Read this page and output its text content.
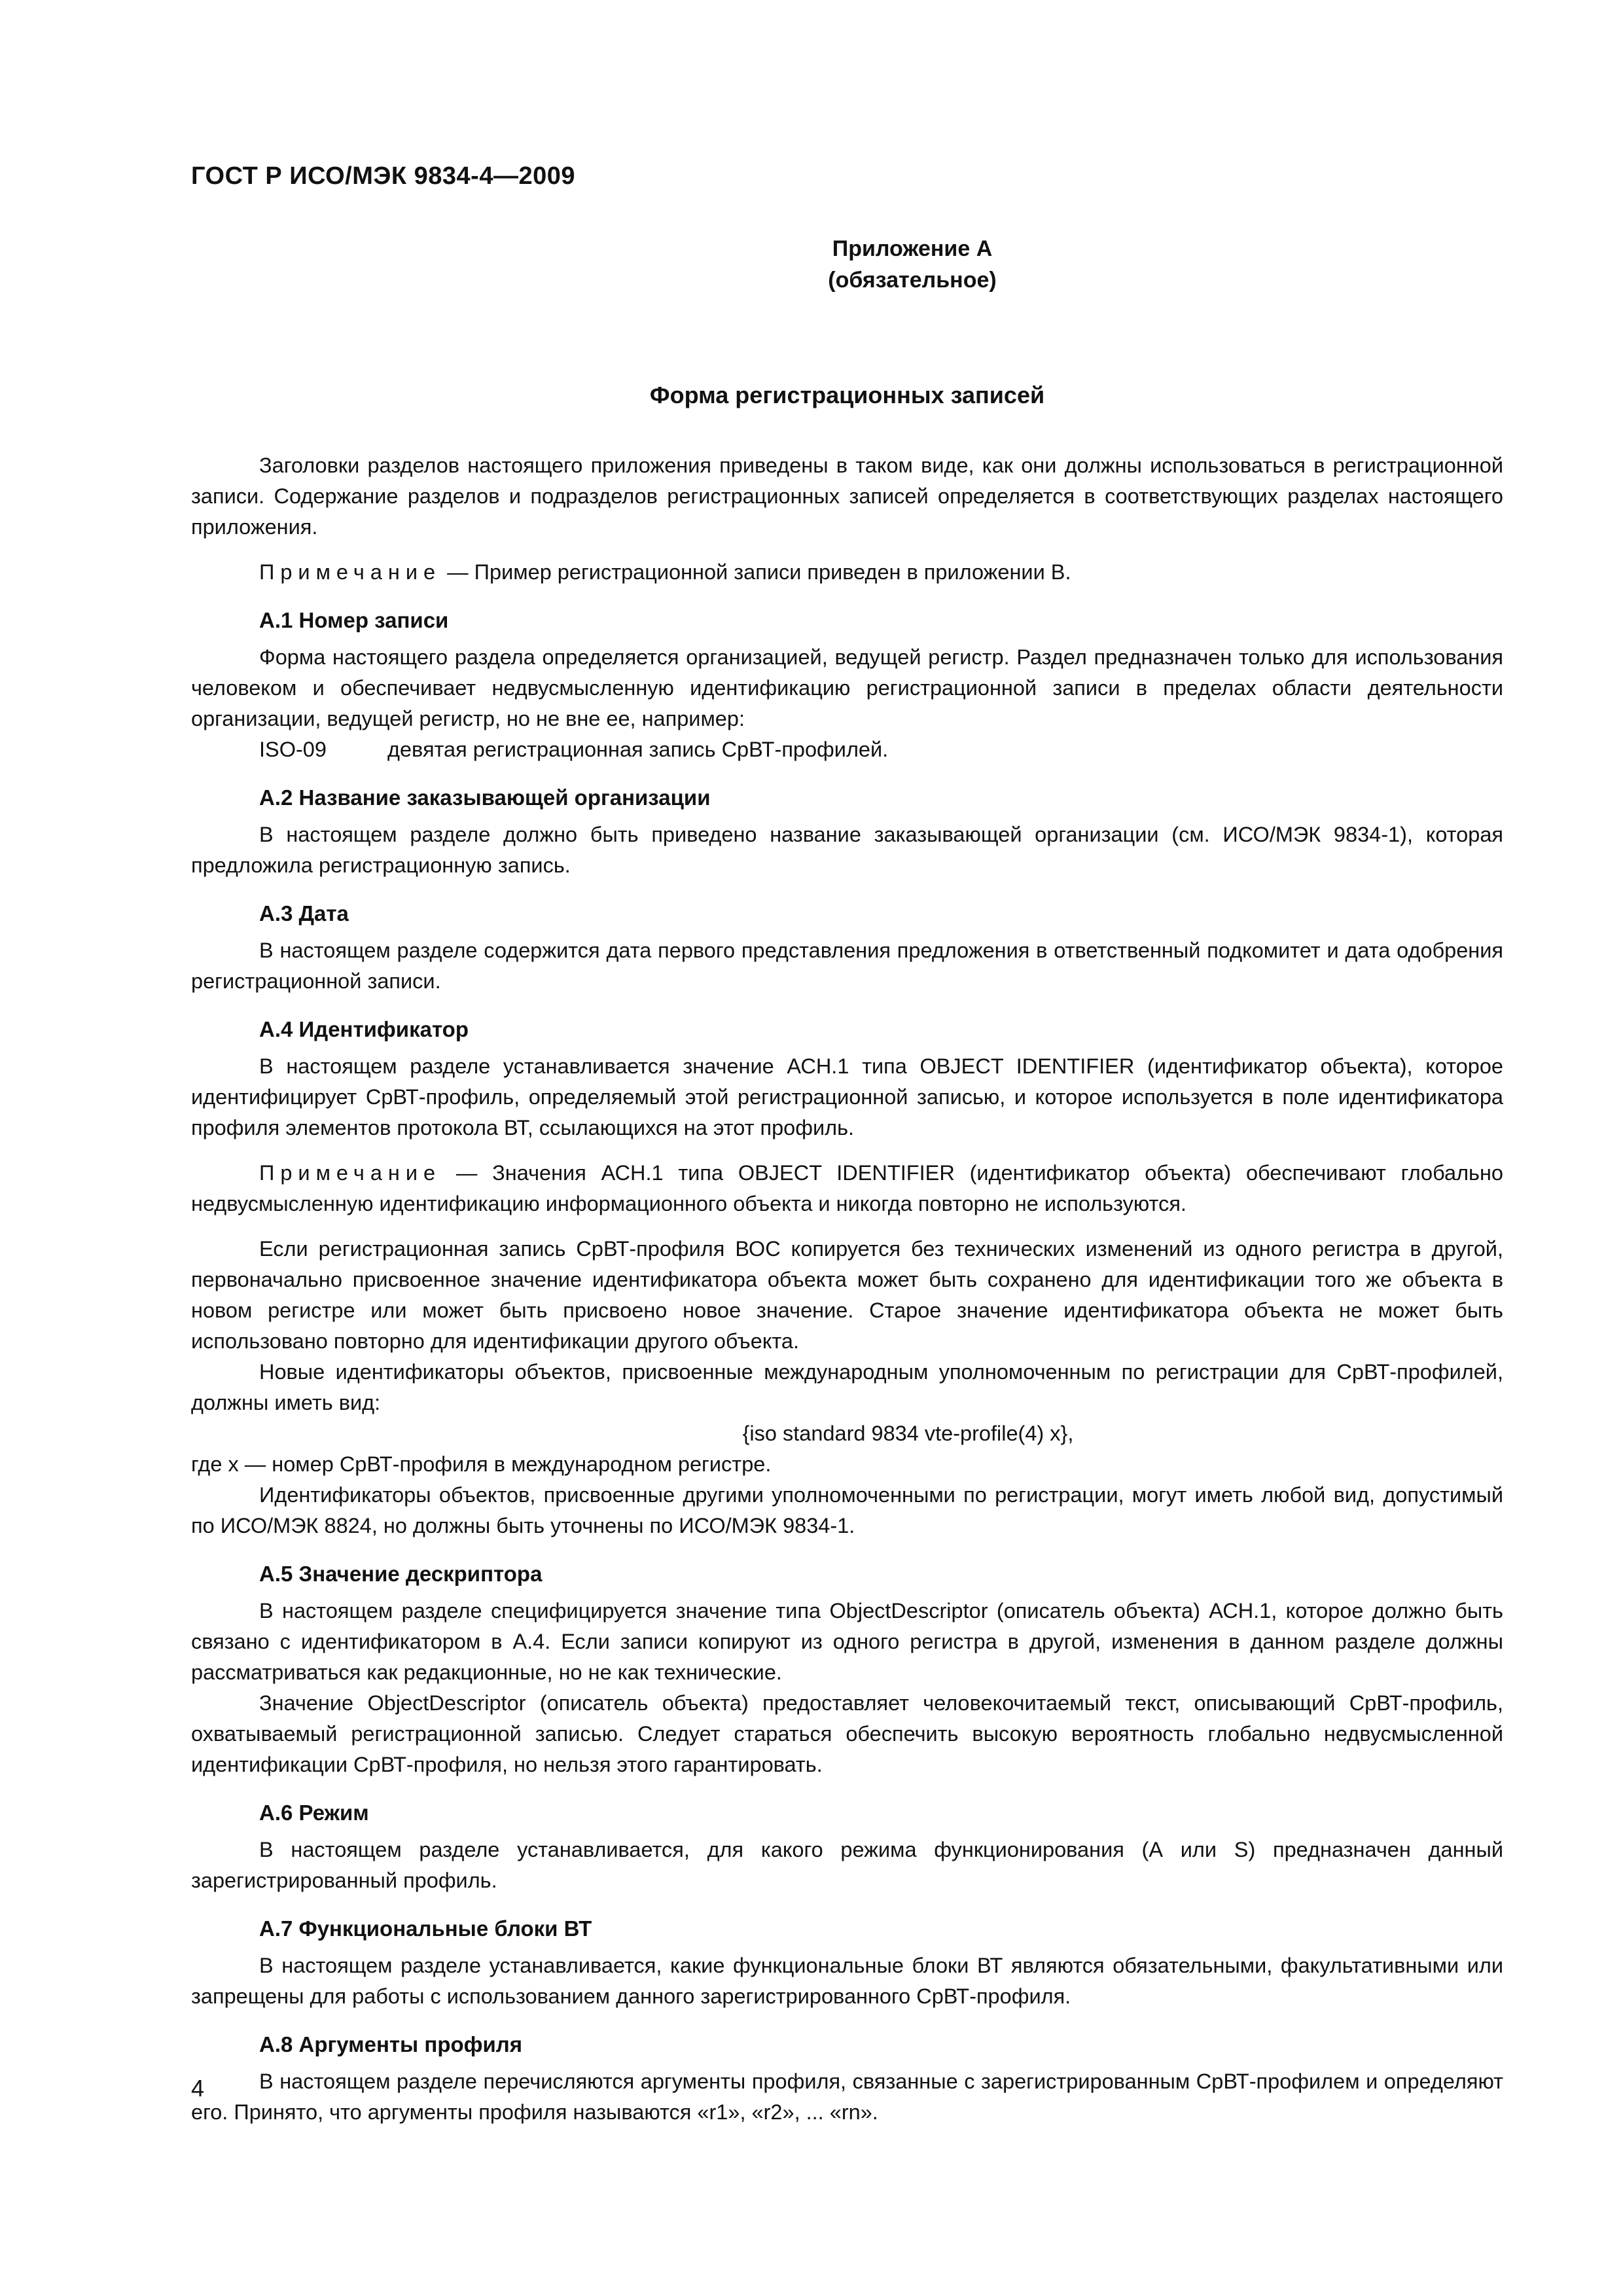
ГОСТ Р ИСО/МЭК 9834-4—2009
Приложение А
(обязательное)
Форма регистрационных записей

Заголовки разделов настоящего приложения приведены в таком виде, как они должны использоваться в регистрационной записи. Содержание разделов и подразделов регистрационных записей определяется в соответствующих разделах настоящего приложения.

Примечание — Пример регистрационной записи приведен в приложении В.

А.1 Номер записи

Форма настоящего раздела определяется организацией, ведущей регистр. Раздел предназначен только для использования человеком и обеспечивает недвусмысленную идентификацию регистрационной записи в пределах области деятельности организации, ведущей регистр, но не вне ее, например:

ISO-09	девятая регистрационная запись СрВТ-профилей.
А.2 Название заказывающей организации

В настоящем разделе должно быть приведено название заказывающей организации (см. ИСО/МЭК 9834-1), которая предложила регистрационную запись.

А.3 Дата

В настоящем разделе содержится дата первого представления предложения в ответственный подкомитет и дата одобрения регистрационной записи.

А.4 Идентификатор

В настоящем разделе устанавливается значение АСН.1 типа OBJECT IDENTIFIER (идентификатор объекта), которое идентифицирует СрВТ-профиль, определяемый этой регистрационной записью, и которое используется в поле идентификатора профиля элементов протокола ВТ, ссылающихся на этот профиль.

Примечание — Значения АСН.1 типа OBJECT IDENTIFIER (идентификатор объекта) обеспечивают глобально недвусмысленную идентификацию информационного объекта и никогда повторно не используются.

Если регистрационная запись СрВТ-профиля ВОС копируется без технических изменений из одного регистра в другой, первоначально присвоенное значение идентификатора объекта может быть сохранено для идентификации того же объекта в новом регистре или может быть присвоено новое значение. Старое значение идентификатора объекта не может быть использовано повторно для идентификации другого объекта.

Новые идентификаторы объектов, присвоенные международным уполномоченным по регистрации для СрВТ-профилей, должны иметь вид:

{iso standard 9834 vte-profile(4) x},
где х — номер СрВТ-профиля в международном регистре.

Идентификаторы объектов, присвоенные другими уполномоченными по регистрации, могут иметь любой вид, допустимый по ИСО/МЭК 8824, но должны быть уточнены по ИСО/МЭК 9834-1.

А.5 Значение дескриптора

В настоящем разделе специфицируется значение типа ObjectDescriptor (описатель объекта) АСН.1, которое должно быть связано с идентификатором в А.4. Если записи копируют из одного регистра в другой, изменения в данном разделе должны рассматриваться как редакционные, но не как технические.

Значение ObjectDescriptor (описатель объекта) предоставляет человекочитаемый текст, описывающий СрВТ-профиль, охватываемый регистрационной записью. Следует стараться обеспечить высокую вероятность глобально недвусмысленной идентификации СрВТ-профиля, но нельзя этого гарантировать.

А.6 Режим

В настоящем разделе устанавливается, для какого режима функционирования (А или S) предназначен данный зарегистрированный профиль.

А.7 Функциональные блоки ВТ

В настоящем разделе устанавливается, какие функциональные блоки ВТ являются обязательными, факультативными или запрещены для работы с использованием данного зарегистрированного СрВТ-профиля.

А.8 Аргументы профиля

В настоящем разделе перечисляются аргументы профиля, связанные с зарегистрированным СрВТ-профилем и определяют его. Принято, что аргументы профиля называются «r1», «r2», ... «rn».

4
